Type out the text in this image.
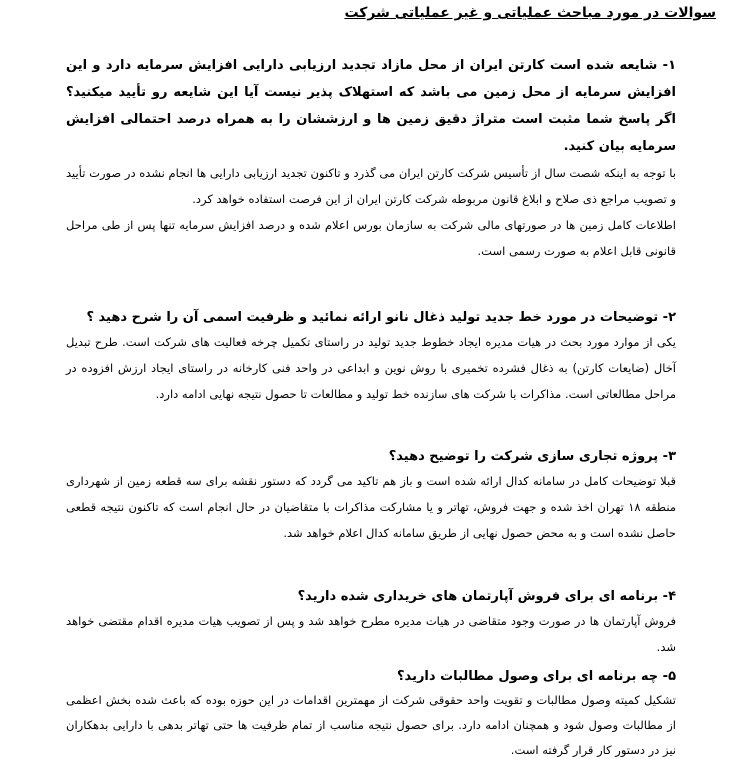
سوالات در مورد مباحث عملیاتی و غیر عملیاتی شرکت

۱- شایعه شده است کارتن ایران از محل مازاد تجدید ارزیابی دارایی افزایش سرمایه دارد و این افزایش سرمایه از محل زمین می باشد که استهلاک پذیر نیست آیا این شایعه رو تأیید میکنید؟ اگر پاسخ شما مثبت است متراژ دقیق زمین ها و ارزششان را به همراه درصد احتمالی افزایش سرمایه بیان کنید.

با توجه به اینکه شصت سال از تأسیس شرکت کارتن ایران می گذرد و تاکنون تجدید ارزیابی دارایی ها انجام نشده در صورت تأیید و تصویب مراجع ذی صلاح و ابلاغ قانون مربوطه شرکت کارتن ایران از این فرصت استفاده خواهد کرد.

اطلاعات کامل زمین ها در صورتهای مالی شرکت به سازمان بورس اعلام شده و درصد افزایش سرمایه تنها پس از طی مراحل قانونی قابل اعلام به صورت رسمی است.

۲- توضیحات در مورد خط جدید تولید ذغال نانو ارائه نمائید و ظرفیت اسمی آن را شرح دهید ؟

یکی از موارد مورد بحث در هیات مدیره ایجاد خطوط جدید تولید در راستای تکمیل چرخه فعالیت های شرکت است. طرح تبدیل آخال (ضایعات کارتن) به ذغال فشرده تخمیری با روش نوین و ابداعی در واحد فنی کارخانه در راستای ایجاد ارزش افزوده در مراحل مطالعاتی است. مذاکرات با شرکت های سازنده خط تولید و مطالعات تا حصول نتیجه نهایی ادامه دارد.

۳- پروژه تجاری سازی شرکت را توضیح دهید؟

قبلا توضیحات کامل در سامانه کدال ارائه شده است و باز هم تاکید می گردد که دستور نقشه برای سه قطعه زمین از شهرداری منطقه ۱۸ تهران اخذ شده و جهت فروش، تهاتر و یا مشارکت مذاکرات با متقاضیان در حال انجام است که تاکنون نتیجه قطعی حاصل نشده است و به محض حصول نهایی از طریق سامانه کدال اعلام خواهد شد.

۴- برنامه ای برای فروش آپارتمان های خریداری شده دارید؟

فروش آپارتمان ها در صورت وجود متقاضی در هیات مدیره مطرح خواهد شد و پس از تصویب هیات مدیره اقدام مقتضی خواهد شد.

۵- چه برنامه ای برای وصول مطالبات دارید؟

تشکیل کمیته وصول مطالبات و تقویت واحد حقوقی شرکت از مهمترین اقدامات در این حوزه بوده که باعث شده بخش اعظمی از مطالبات وصول شود و همچنان ادامه دارد. برای حصول نتیجه مناسب از تمام ظرفیت ها حتی تهاتر بدهی با دارایی بدهکاران نیز در دستور کار قرار گرفته است.
